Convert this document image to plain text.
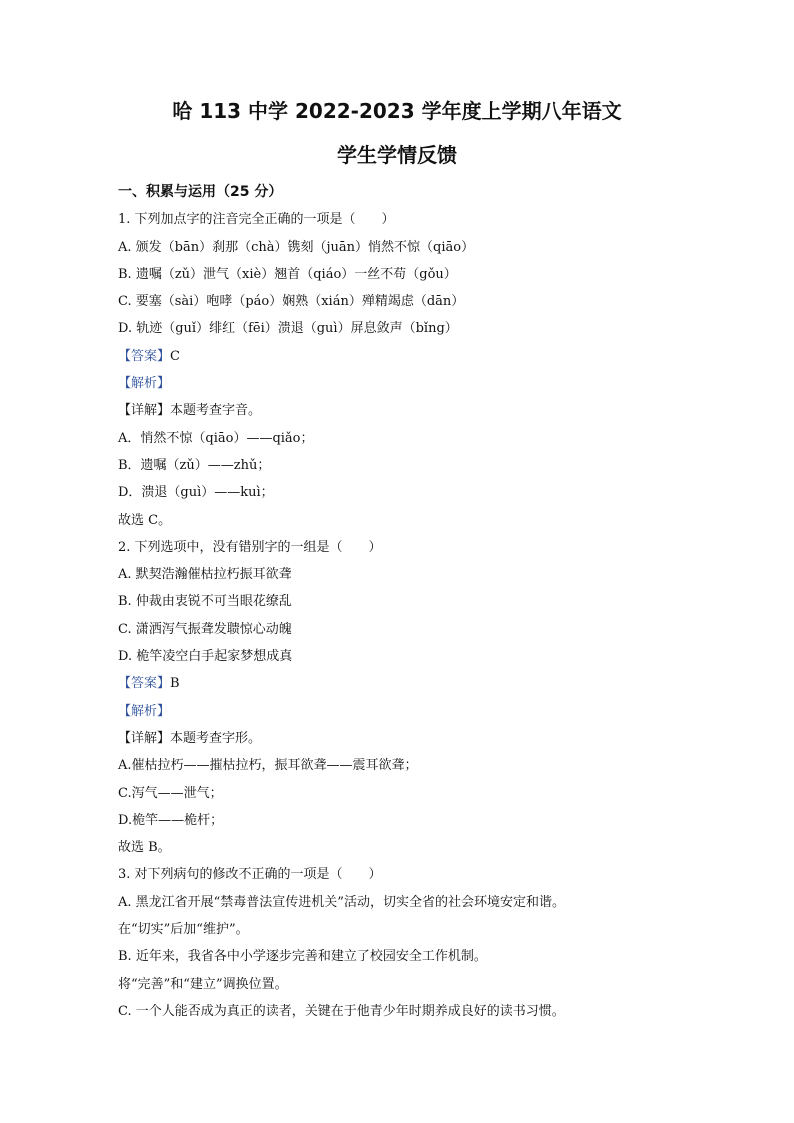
哈 113 中学 2022-2023 学年度上学期八年语文
学生学情反馈
一、积累与运用（25 分）
1. 下列加点字的注音完全正确的一项是（　　）
A. 颁发（bān）刹那（chà）镌刻（juān）悄然不惊（qiāo）
B. 遗嘱（zǔ）泄气（xiè）翘首（qiáo）一丝不苟（gǒu）
C. 要塞（sài）咆哮（páo）娴熟（xián）殚精竭虑（dān）
D. 轨迹（guǐ）绯红（fēi）溃退（guì）屏息敛声（bǐng）
【答案】C
【解析】
【详解】本题考查字音。
A．悄然不惊（qiāo）——qiǎo；
B．遗嘱（zǔ）——zhǔ；
D．溃退（guì）——kuì；
故选 C。
2. 下列选项中，没有错别字的一组是（　　）
A. 默契浩瀚催枯拉朽振耳欲聋
B. 仲裁由衷锐不可当眼花缭乱
C. 潇洒泻气振聋发聩惊心动魄
D. 桅竿凌空白手起家梦想成真
【答案】B
【解析】
【详解】本题考查字形。
A.催枯拉朽——摧枯拉朽，振耳欲聋——震耳欲聋；
C.泻气——泄气；
D.桅竿——桅杆；
故选 B。
3. 对下列病句的修改不正确的一项是（　　）
A. 黑龙江省开展“禁毒普法宣传进机关”活动，切实全省的社会环境安定和谐。
在“切实”后加“维护”。
B. 近年来，我省各中小学逐步完善和建立了校园安全工作机制。
将“完善”和“建立”调换位置。
C. 一个人能否成为真正的读者，关键在于他青少年时期养成良好的读书习惯。
